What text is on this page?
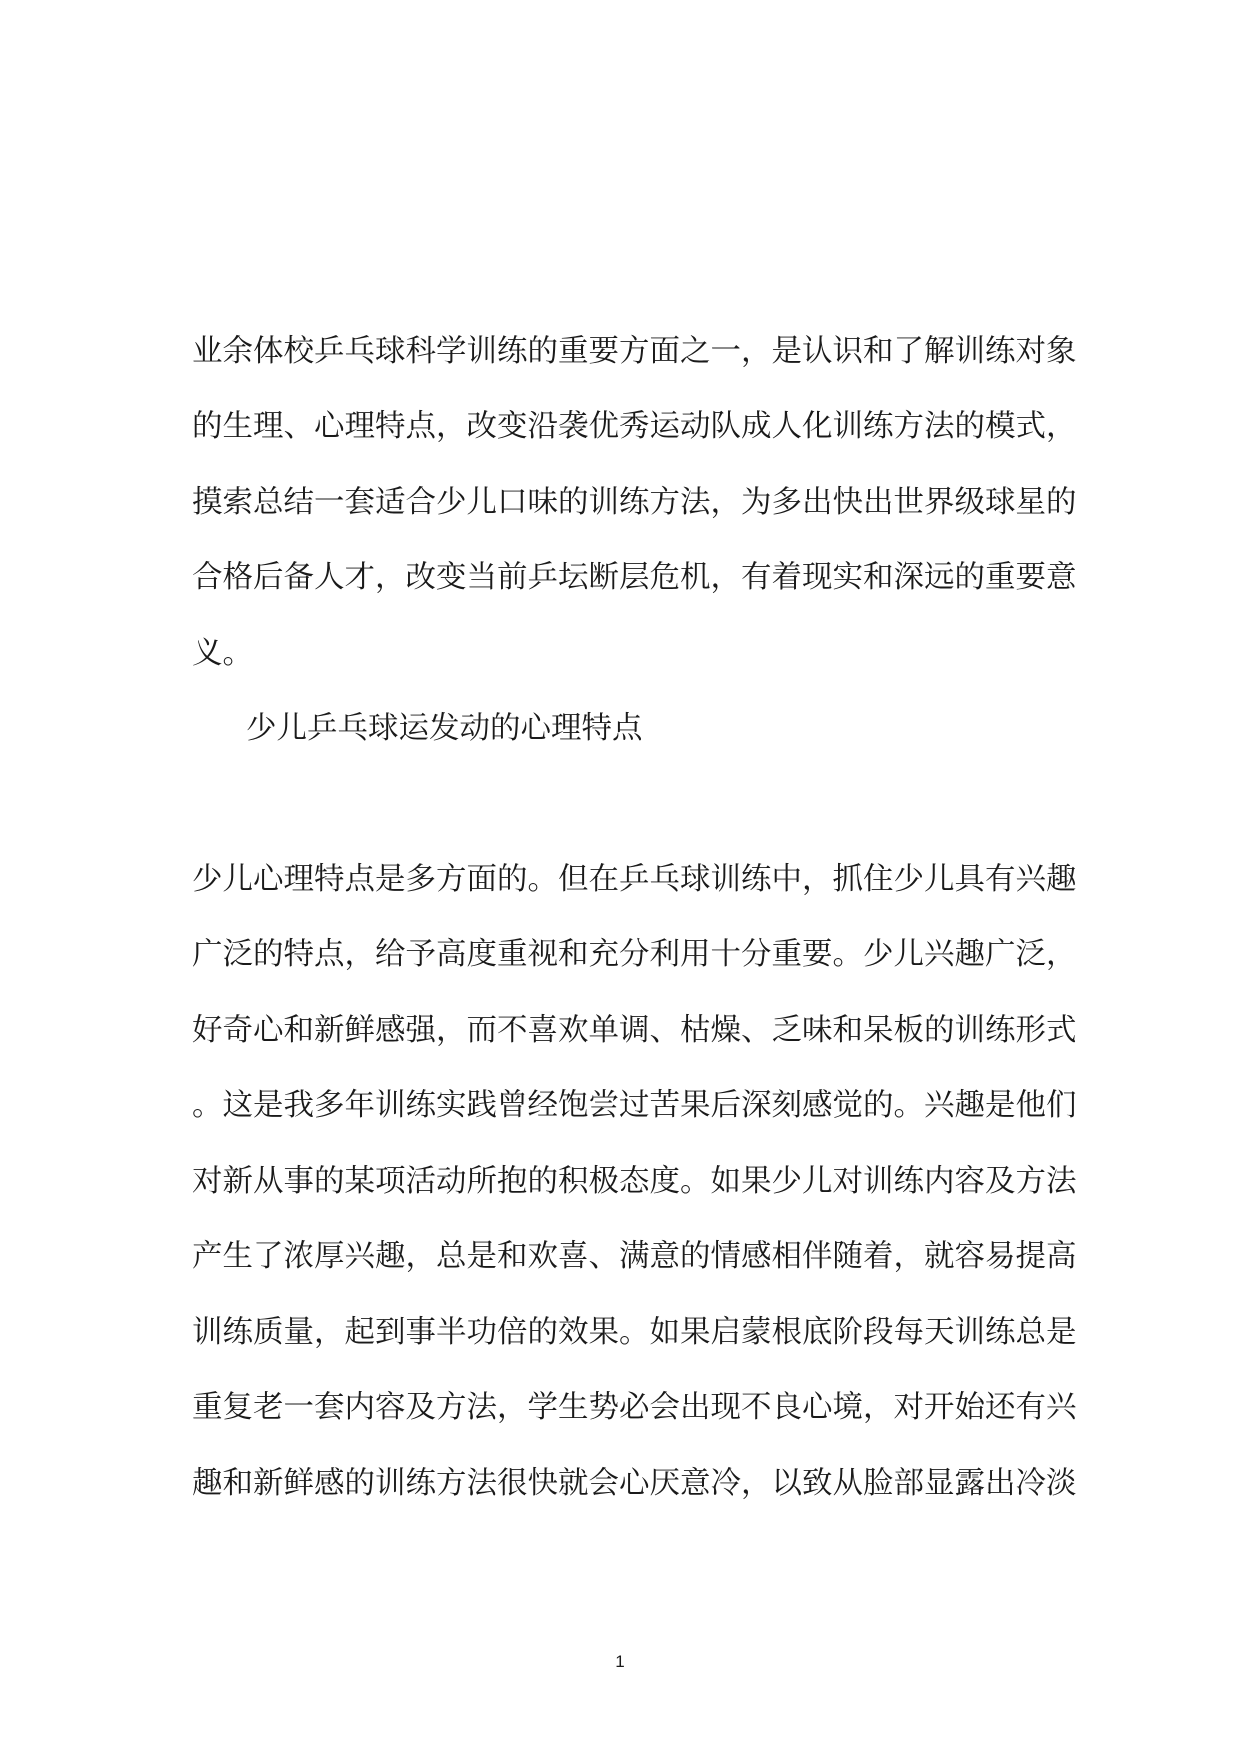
业余体校乒乓球科学训练的重要方面之一，是认识和了解训练对象
的生理、心理特点，改变沿袭优秀运动队成人化训练方法的模式，
摸索总结一套适合少儿口味的训练方法，为多出快出世界级球星的
合格后备人才，改变当前乒坛断层危机，有着现实和深远的重要意
义。
少儿乒乓球运发动的心理特点
少儿心理特点是多方面的。但在乒乓球训练中，抓住少儿具有兴趣
广泛的特点，给予高度重视和充分利用十分重要。少儿兴趣广泛，
好奇心和新鲜感强，而不喜欢单调、枯燥、乏味和呆板的训练形式
。这是我多年训练实践曾经饱尝过苦果后深刻感觉的。兴趣是他们
对新从事的某项活动所抱的积极态度。如果少儿对训练内容及方法
产生了浓厚兴趣，总是和欢喜、满意的情感相伴随着，就容易提高
训练质量，起到事半功倍的效果。如果启蒙根底阶段每天训练总是
重复老一套内容及方法，学生势必会出现不良心境，对开始还有兴
趣和新鲜感的训练方法很快就会心厌意冷，以致从脸部显露出冷淡
1
